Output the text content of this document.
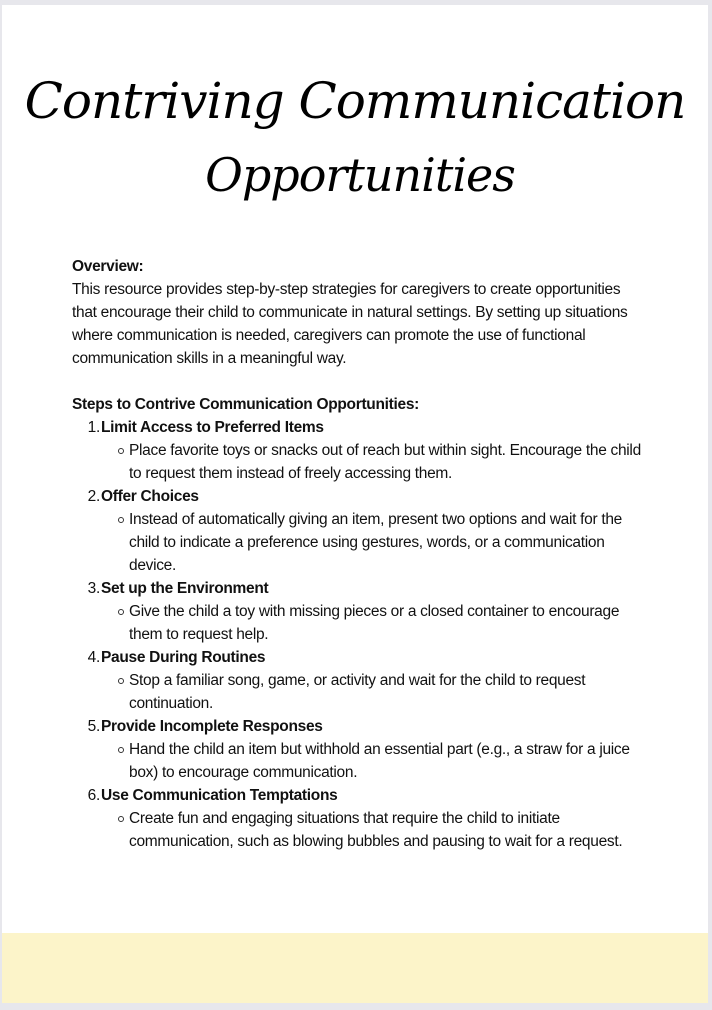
Contriving Communication
Opportunities

Overview:

This resource provides step-by-step strategies for caregivers to create opportunities that encourage their child to communicate in natural settings. By setting up situations where communication is needed, caregivers can promote the use of functional communication skills in a meaningful way.

Steps to Contrive Communication Opportunities:

1. Limit Access to Preferred Items
Place favorite toys or snacks out of reach but within sight. Encourage the child to request them instead of freely accessing them.
2. Offer Choices
Instead of automatically giving an item, present two options and wait for the child to indicate a preference using gestures, words, or a communication device.
3. Set up the Environment
Give the child a toy with missing pieces or a closed container to encourage them to request help.
4. Pause During Routines
Stop a familiar song, game, or activity and wait for the child to request continuation.
5. Provide Incomplete Responses
Hand the child an item but withhold an essential part (e.g., a straw for a juice box) to encourage communication.
6. Use Communication Temptations
Create fun and engaging situations that require the child to initiate communication, such as blowing bubbles and pausing to wait for a request.
